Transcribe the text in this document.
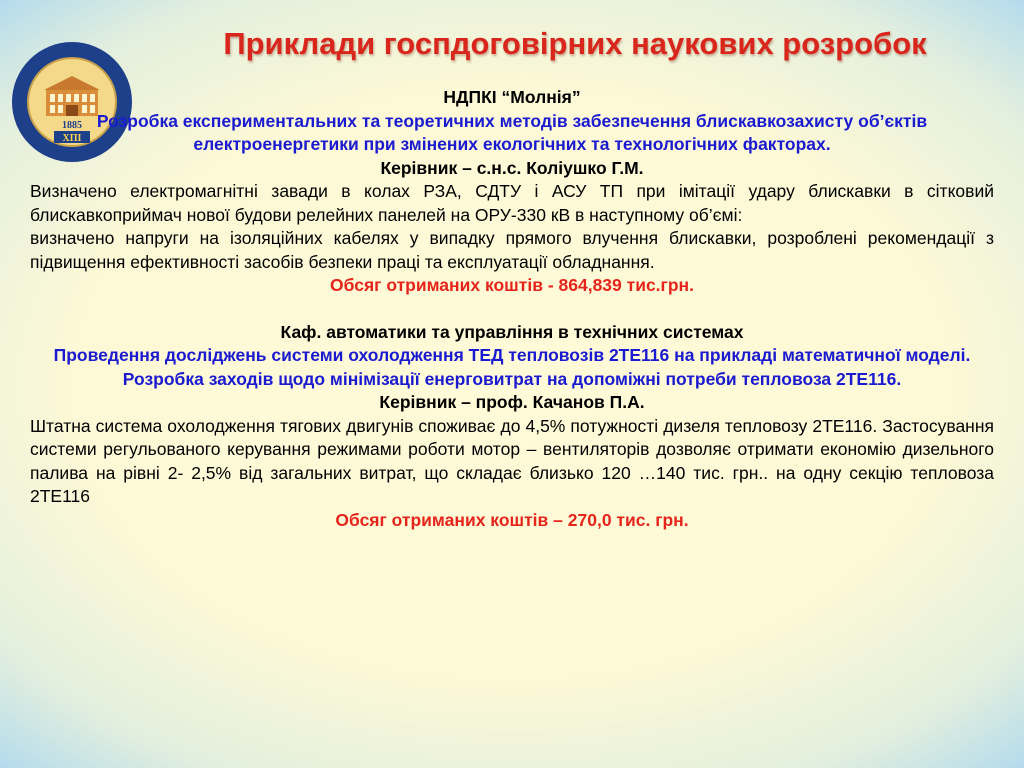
1885
ХПІ
Приклади госпдоговірних наукових розробок

НДПКІ “Молнія”

Розробка експериментальних та теоретичних методів забезпечення блискавкозахисту об’єктів електроенергетики при змінених екологічних та технологічних факторах.

Керівник – с.н.с. Коліушко Г.М.

Визначено електромагнітні завади в колах РЗА, СДТУ і АСУ ТП при імітації удару блискавки в сітковий блискавкоприймач нової будови релейних панелей на ОРУ-330 кВ в наступному об’ємі:

визначено напруги на ізоляційних кабелях у випадку прямого влучення блискавки, розроблені рекомендації з підвищення ефективності засобів безпеки праці та експлуатації обладнання.

Обсяг отриманих коштів - 864,839 тис.грн.

Каф. автоматики та управління в технічних системах

Проведення досліджень системи охолодження ТЕД тепловозів 2ТЕ116 на прикладі математичної моделі. Розробка заходів щодо мінімізації енерговитрат на допоміжні потреби тепловоза 2ТЕ116.

Керівник – проф. Качанов П.А.

Штатна система охолодження тягових двигунів споживає до 4,5% потужності дизеля тепловозу 2ТЕ116. Застосування системи регульованого керування режимами роботи мотор – вентиляторів дозволяє отримати економію дизельного палива на рівні 2- 2,5% від загальних витрат, що складає близько 120 …140 тис. грн.. на одну секцію тепловоза 2ТЕ116

Обсяг отриманих коштів – 270,0 тис. грн.
